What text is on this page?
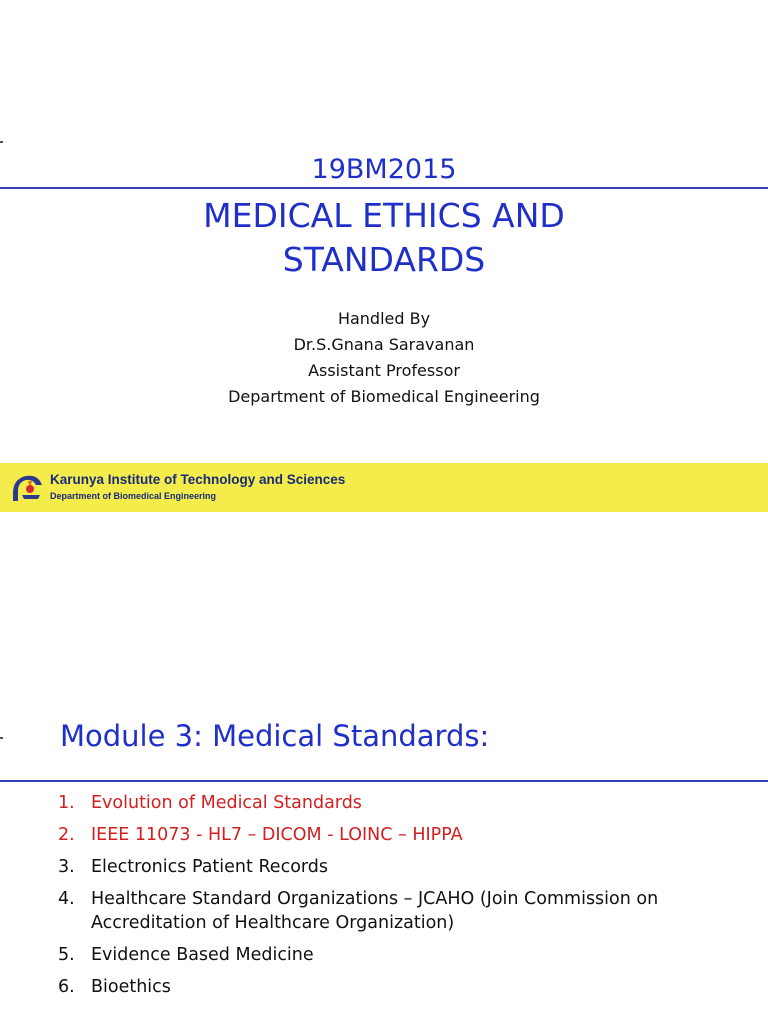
19BM2015
MEDICAL ETHICS AND
STANDARDS
Handled By
Dr.S.Gnana Saravanan
Assistant Professor
Department of Biomedical Engineering
Karunya Institute of Technology and Sciences
Department of Biomedical Engineering
Module 3: Medical Standards:
1. Evolution of Medical Standards
2. IEEE 11073 - HL7 – DICOM - LOINC – HIPPA
3. Electronics Patient Records
4. Healthcare Standard Organizations – JCAHO (Join Commission on Accreditation of Healthcare Organization)
5. Evidence Based Medicine
6. Bioethics
